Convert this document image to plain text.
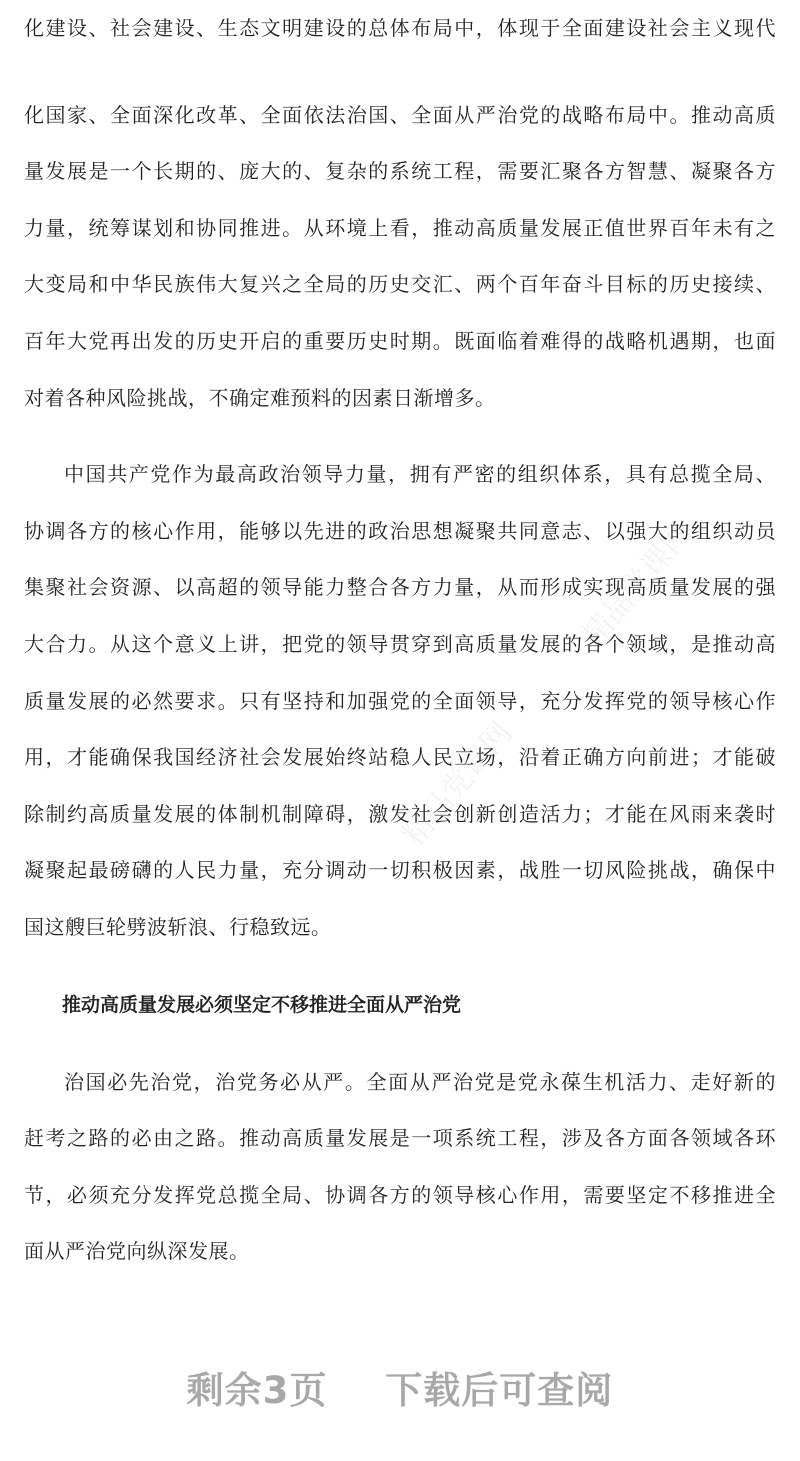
精品党课网
精品党课网
化建设、社会建设、生态文明建设的总体布局中，体现于全面建设社会主义现代
化国家、全面深化改革、全面依法治国、全面从严治党的战略布局中。推动高质
量发展是一个长期的、庞大的、复杂的系统工程，需要汇聚各方智慧、凝聚各方
力量，统筹谋划和协同推进。从环境上看，推动高质量发展正值世界百年未有之
大变局和中华民族伟大复兴之全局的历史交汇、两个百年奋斗目标的历史接续、
百年大党再出发的历史开启的重要历史时期。既面临着难得的战略机遇期，也面
对着各种风险挑战，不确定难预料的因素日渐增多。
中国共产党作为最高政治领导力量，拥有严密的组织体系，具有总揽全局、
协调各方的核心作用，能够以先进的政治思想凝聚共同意志、以强大的组织动员
集聚社会资源、以高超的领导能力整合各方力量，从而形成实现高质量发展的强
大合力。从这个意义上讲，把党的领导贯穿到高质量发展的各个领域，是推动高
质量发展的必然要求。只有坚持和加强党的全面领导，充分发挥党的领导核心作
用，才能确保我国经济社会发展始终站稳人民立场，沿着正确方向前进；才能破
除制约高质量发展的体制机制障碍，激发社会创新创造活力；才能在风雨来袭时
凝聚起最磅礴的人民力量，充分调动一切积极因素，战胜一切风险挑战，确保中
国这艘巨轮劈波斩浪、行稳致远。
推动高质量发展必须坚定不移推进全面从严治党
治国必先治党，治党务必从严。全面从严治党是党永葆生机活力、走好新的
赶考之路的必由之路。推动高质量发展是一项系统工程，涉及各方面各领域各环
节，必须充分发挥党总揽全局、协调各方的领导核心作用，需要坚定不移推进全
面从严治党向纵深发展。
剩余3页 下载后可查阅
